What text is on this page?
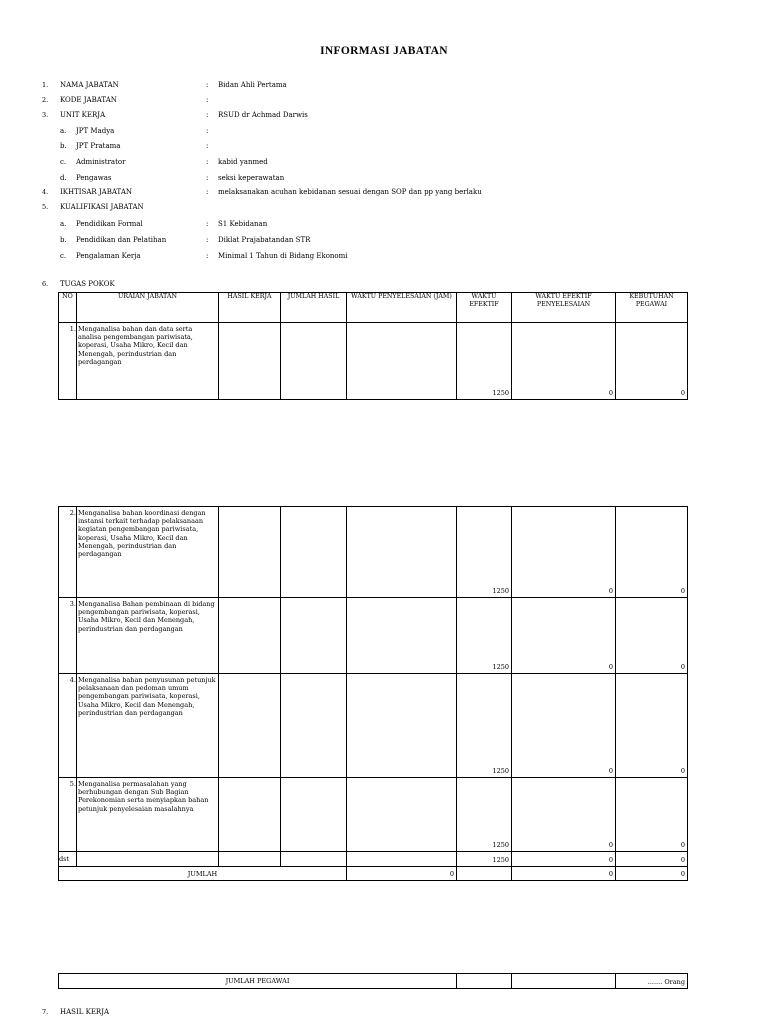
INFORMASI JABATAN
1. NAMA JABATAN	: Bidan Ahli Pertama
2. KODE JABATAN	:
3. UNIT KERJA	: RSUD dr Achmad Darwis
a. JPT Madya	:
b. JPT Pratama	:
c. Administrator	: kabid yanmed
d. Pengawas	: seksi keperawatan
4. IKHTISAR JABATAN	: melaksanakan acuhan kebidanan sesuai dengan SOP dan pp yang berlaku
5. KUALIFIKASI JABATAN
a. Pendidikan Formal	: S1 Kebidanan
b. Pendidikan dan Pelatihan	: Diklat Prajabatandan STR
c. Pengalaman Kerja	: Minimal 1 Tahun di Bidang Ekonomi
6. TUGAS POKOK
NO	URAIAN JABATAN	HASIL KERJA	JUMLAH HASIL	WAKTU PENYELESAIAN (JAM)	WAKTU EFEKTIF	WAKTU EFEKTIF PENYELESAIAN	KEBUTUHAN PEGAWAI
1.	Menganalisa bahan dan data serta analisa pengembangan pariwisata, koperasi, Usaha Mikro, Kecil dan Menengah, perindustrian dan perdagangan				1250	0	0
2.	Menganalisa bahan koordinasi dengan instansi terkait terhadap pelaksanaan kegiatan pengembangan pariwisata, koperasi, Usaha Mikro, Kecil dan Menengah, perindustrian dan perdagangan				1250	0	0
3.	Menganalisa Bahan pembinaan di bidang pengembangan pariwisata, koperasi, Usaha Mikro, Kecil dan Menengah, perindustrian dan perdagangan				1250	0	0
4.	Menganalisa bahan penyusunan petunjuk pelaksanaan dan pedoman umum pengembangan pariwisata, koperasi, Usaha Mikro, Kecil dan Menengah, perindustrian dan perdagangan				1250	0	0
5.	Menganalisa permasalahan yang berhubungan dengan Sub Bagian Perekonomian serta menyiapkan bahan petunjuk penyelesaian masalahnya				1250	0	0
dst					1250	0	0
JUMLAH				0		0	0
JUMLAH PEGAWAI			....... Orang
7. HASIL KERJA
